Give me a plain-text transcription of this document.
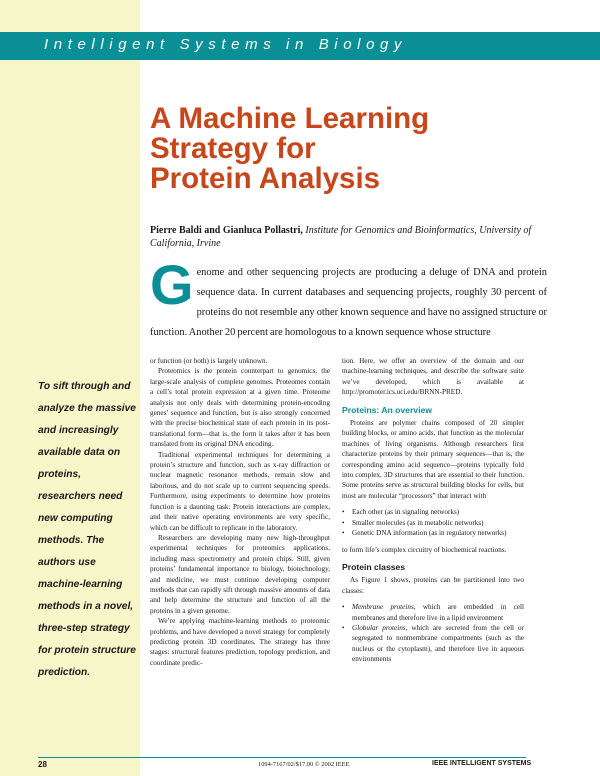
Intelligent Systems in Biology
A Machine Learning
Strategy for
Protein Analysis
Pierre Baldi and Gianluca Pollastri, Institute for Genomics and Bioinformatics, University of California, Irvine

Genome and other sequencing projects are producing a deluge of DNA and protein sequence data. In current databases and sequencing projects, roughly 30 percent of proteins do not resemble any other known sequence and have no assigned structure or function. Another 20 percent are homologous to a known sequence whose structure

To sift through and analyze the massive and increasingly available data on proteins, researchers need new computing methods. The authors use machine-learning methods in a novel, three-step strategy for protein structure prediction.

or function (or both) is largely unknown.

Proteomics is the protein counterpart to genomics, the large-scale analysis of complete genomes. Proteomes contain a cell’s total protein expression at a given time. Proteome analysis not only deals with determining protein-encoding genes’ sequence and function, but is also strongly concerned with the precise biochemical state of each protein in its post-translational form—that is, the form it takes after it has been translated from its original DNA encoding.

Traditional experimental techniques for determining a protein’s structure and function, such as x-ray diffraction or nuclear magnetic resonance methods, remain slow and laborious, and do not scale up to current sequencing speeds. Furthermore, using experiments to determine how proteins function is a daunting task: Protein interactions are complex, and their native operating environments are very specific, which can be difficult to replicate in the laboratory.

Researchers are developing many new high-throughput experimental techniques for proteomics applications, including mass spectrometry and protein chips. Still, given proteins’ fundamental importance to biology, biotechnology, and medicine, we must continue developing computer methods that can rapidly sift through massive amounts of data and help determine the structure and function of all the proteins in a given genome.

We’re applying machine-learning methods to proteomic problems, and have developed a novel strategy for completely predicting protein 3D coordinates. The strategy has three stages: structural features prediction, topology prediction, and coordinate predic-

tion. Here, we offer an overview of the domain and our machine-learning techniques, and describe the software suite we’ve developed, which is available at http://promoter.ics.uci.edu/BRNN-PRED.

Proteins: An overview

Proteins are polymer chains composed of 20 simpler building blocks, or amino acids, that function as the molecular machines of living organisms. Although researchers first characterize proteins by their primary sequences—that is, the corresponding amino acid sequence—proteins typically fold into complex, 3D structures that are essential to their function. Some proteins serve as structural building blocks for cells, but most are molecular “processors” that interact with

• Each other (as in signaling networks)
• Smaller molecules (as in metabolic networks)
• Genetic DNA information (as in regulatory networks)

to form life’s complex circuitry of biochemical reactions.

Protein classes

As Figure 1 shows, proteins can be partitioned into two classes:

• Membrane proteins, which are embedded in cell membranes and therefore live in a lipid environment
• Globular proteins, which are secreted from the cell or segregated to nonmembrane compartments (such as the nucleus or the cytoplasm), and therefore live in aqueous environments
28	1094-7167/02/$17.00 © 2002 IEEE	IEEE INTELLIGENT SYSTEMS
